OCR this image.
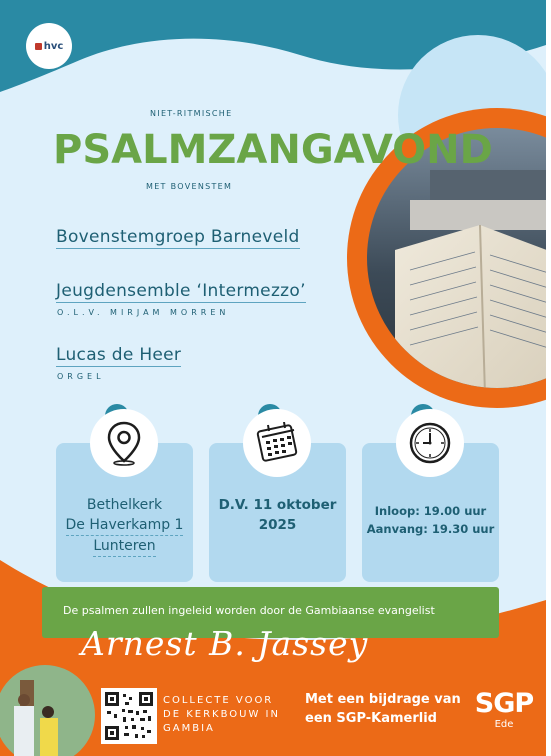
hvc
NIET-RITMISCHE
PSALMZANGAVOND
MET BOVENSTEM
Bovenstemgroep Barneveld
Jeugdensemble ‘Intermezzo’
O.L.V. MIRJAM MORREN
Lucas de Heer
ORGEL
Bethelkerk
De Haverkamp 1 Lunteren
D.V. 11 oktober
2025
Inloop: 19.00 uur
Aanvang: 19.30 uur
De psalmen zullen ingeleid worden door de Gambiaanse evangelist
Arnest B. Jassey
COLLECTE VOOR
DE KERKBOUW IN
GAMBIA
Met een bijdrage van
een SGP-Kamerlid	SGP
Ede
